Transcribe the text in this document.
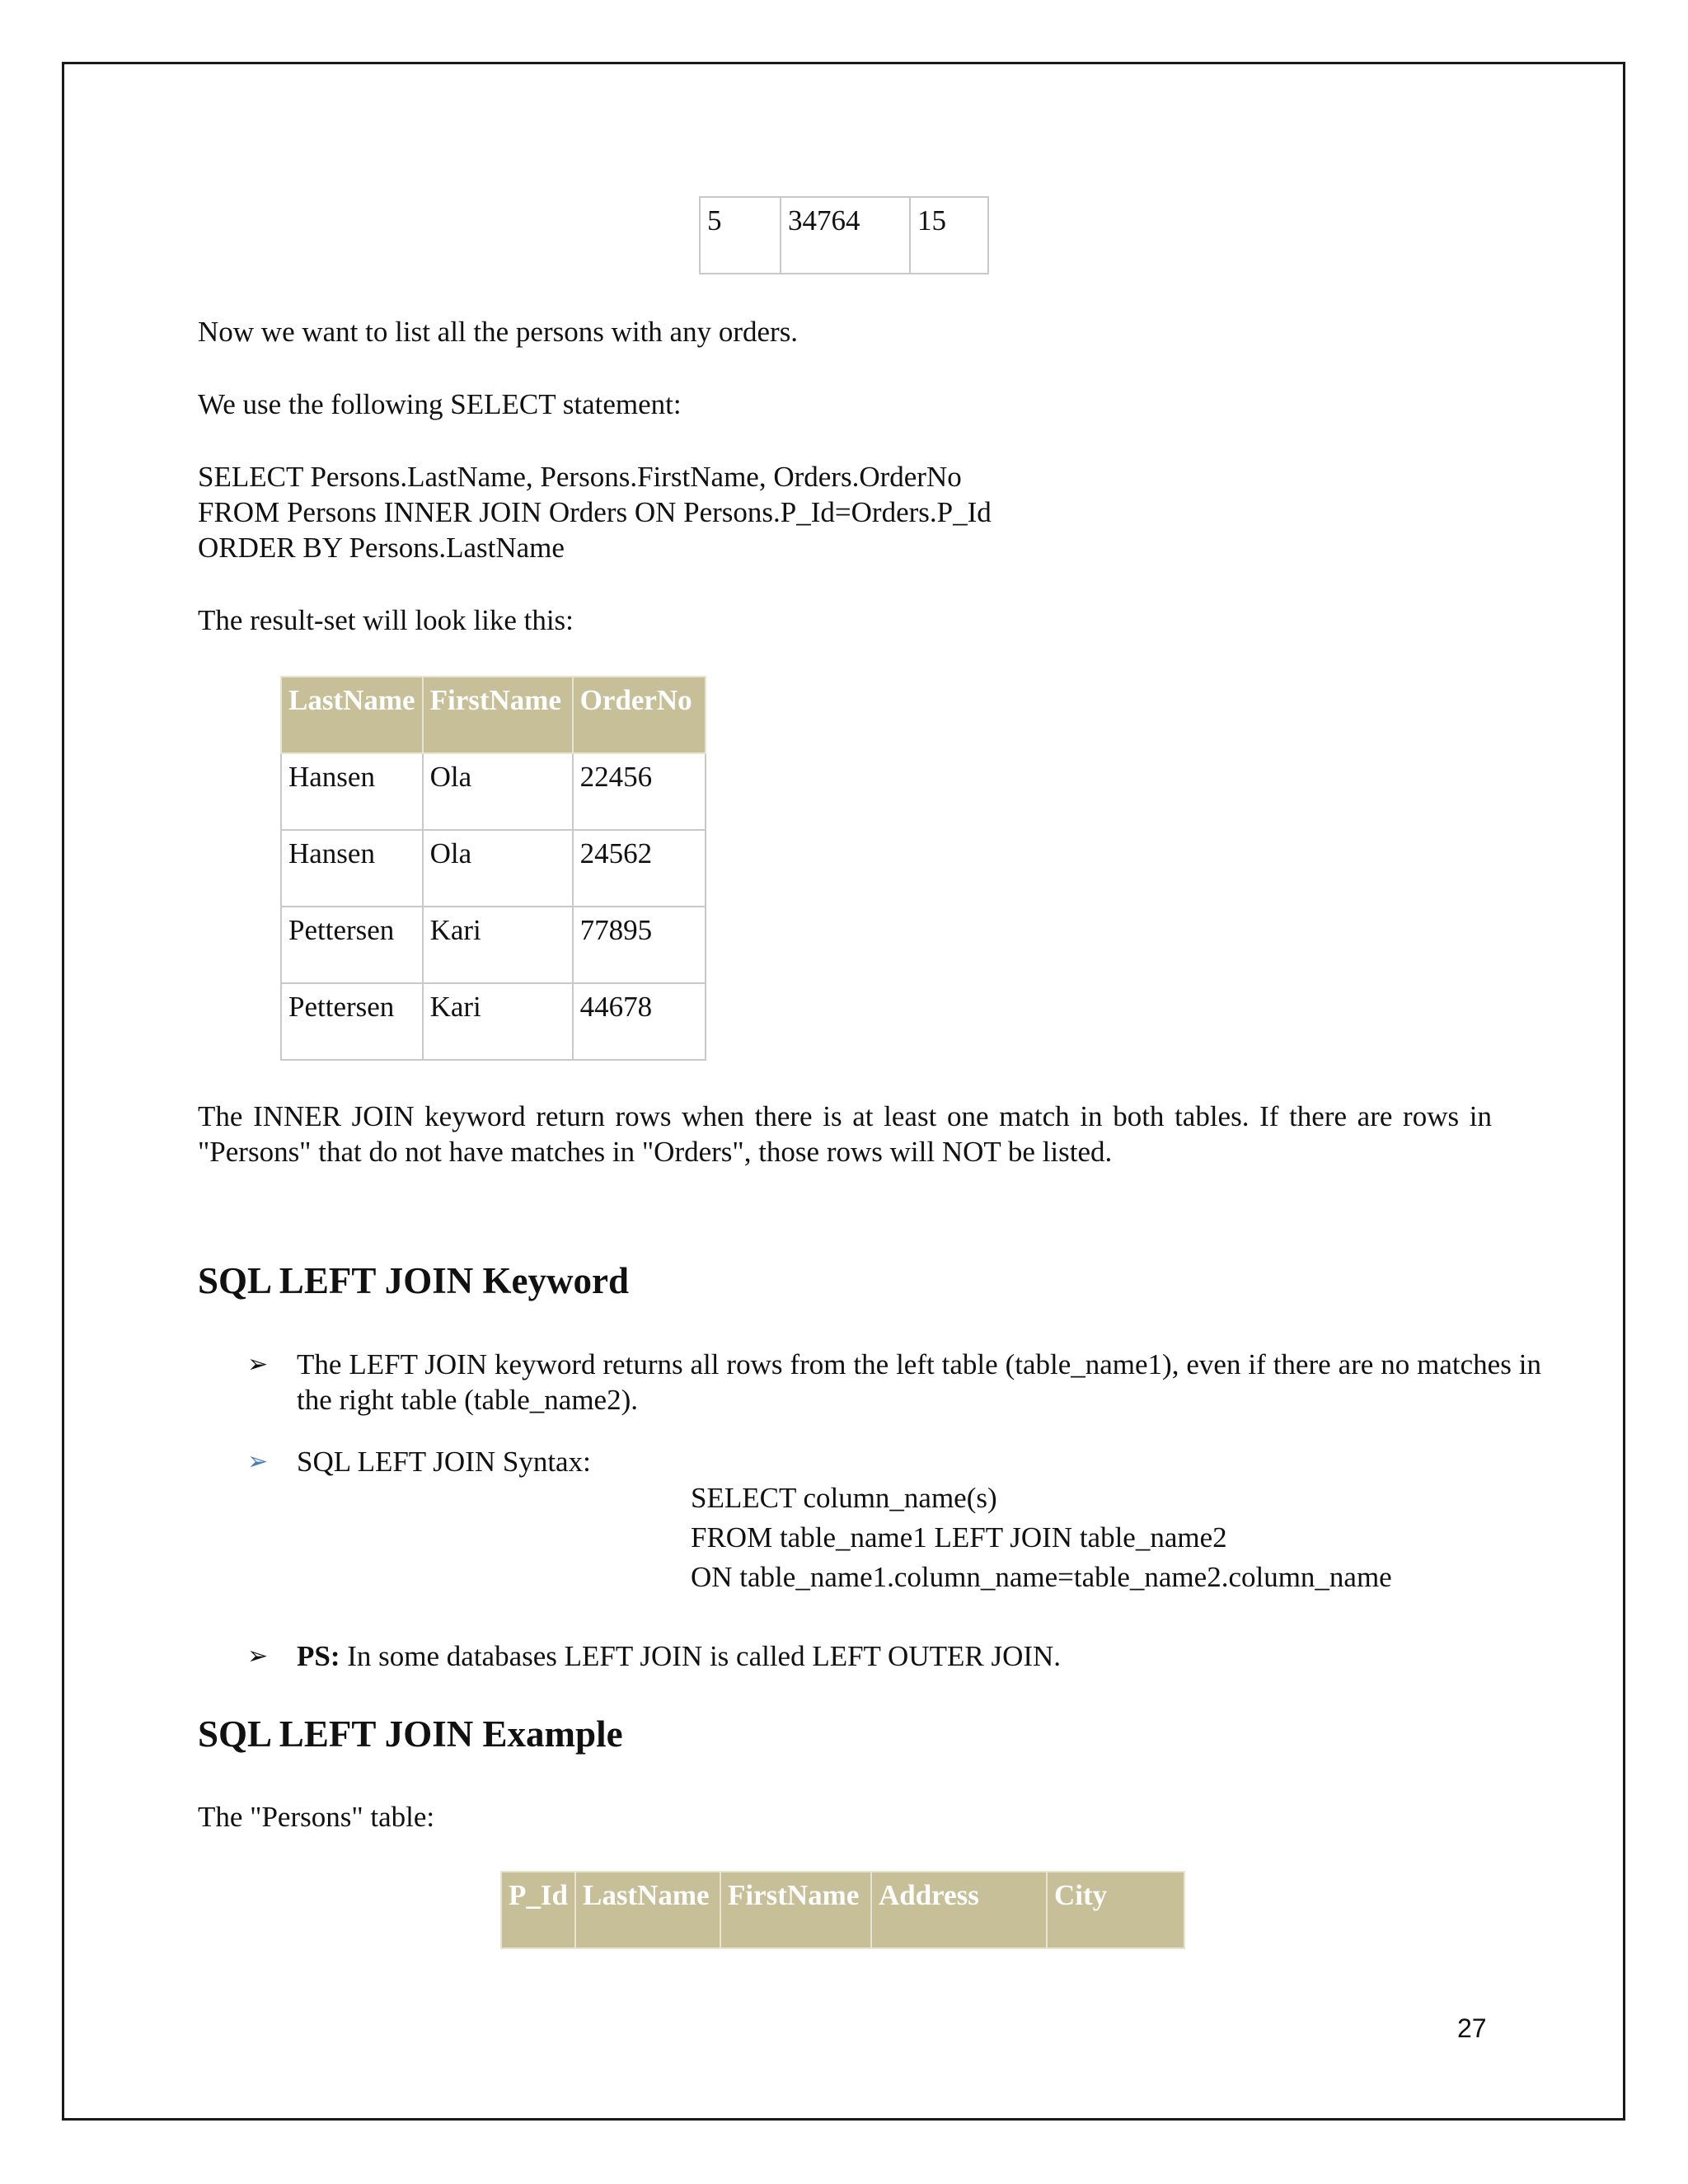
5	34764	15

Now we want to list all the persons with any orders.

We use the following SELECT statement:

SELECT Persons.LastName, Persons.FirstName, Orders.OrderNo

FROM Persons INNER JOIN Orders ON Persons.P_Id=Orders.P_Id

ORDER BY Persons.LastName

The result-set will look like this:

LastName	FirstName	OrderNo
Hansen	Ola	22456
Hansen	Ola	24562
Pettersen	Kari	77895
Pettersen	Kari	44678

The INNER JOIN keyword return rows when there is at least one match in both tables. If there are rows in "Persons" that do not have matches in "Orders", those rows will NOT be listed.

SQL LEFT JOIN Keyword
➢ The LEFT JOIN keyword returns all rows from the left table (table_name1), even if there are no matches in the right table (table_name2).
➢ SQL LEFT JOIN Syntax:
SELECT column_name(s)
FROM table_name1 LEFT JOIN table_name2
ON table_name1.column_name=table_name2.column_name
➢ PS: In some databases LEFT JOIN is called LEFT OUTER JOIN.
SQL LEFT JOIN Example

The "Persons" table:

P_Id	LastName	FirstName	Address	City
27
